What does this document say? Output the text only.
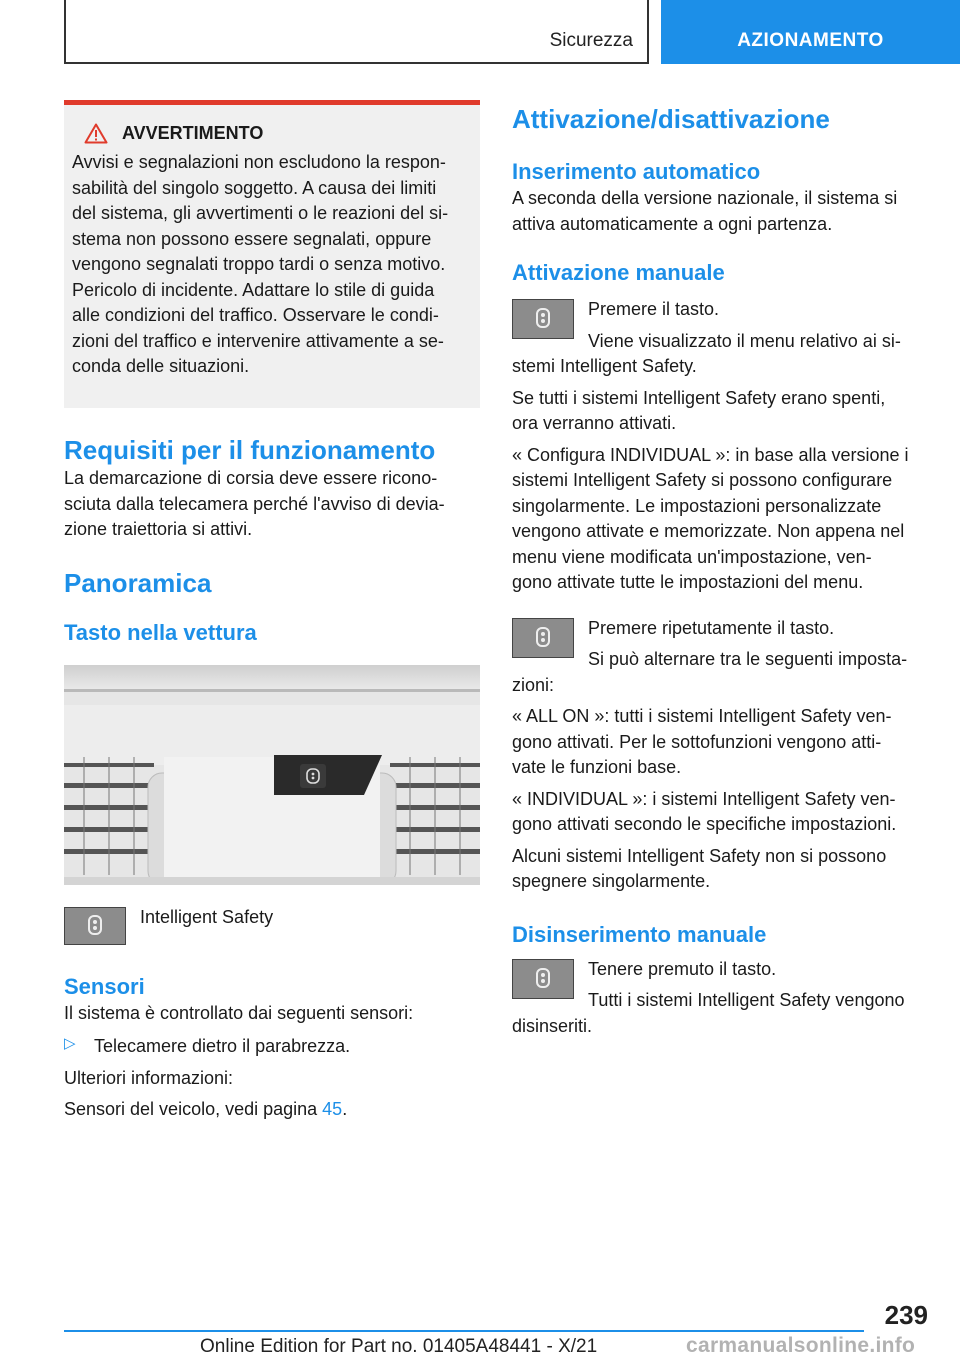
Sicurezza	AZIONAMENTO
AVVERTIMENTO

Avvisi e segnalazioni non escludono la respon-

sabilità del singolo soggetto. A causa dei limiti

del sistema, gli avvertimenti o le reazioni del si-

stema non possono essere segnalati, oppure

vengono segnalati troppo tardi o senza motivo.

Pericolo di incidente. Adattare lo stile di guida

alle condizioni del traffico. Osservare le condi-

zioni del traffico e intervenire attivamente a se-

conda delle situazioni.

Requisiti per il funzionamento

La demarcazione di corsia deve essere ricono-

sciuta dalla telecamera perché l'avviso di devia-

zione traiettoria si attivi.

Panoramica
Tasto nella vettura

Intelligent Safety

Sensori

Il sistema è controllato dai seguenti sensori:

▷	Telecamere dietro il parabrezza.

Ulteriori informazioni:

Sensori del veicolo, vedi pagina 45.

Attivazione/disattivazione
Inserimento automatico

A seconda della versione nazionale, il sistema si

attiva automaticamente a ogni partenza.

Attivazione manuale

Premere il tasto.

Viene visualizzato il menu relativo ai si-

stemi Intelligent Safety.

Se tutti i sistemi Intelligent Safety erano spenti,

ora verranno attivati.

« Configura INDIVIDUAL »: in base alla versione i

sistemi Intelligent Safety si possono configurare

singolarmente. Le impostazioni personalizzate

vengono attivate e memorizzate. Non appena nel

menu viene modificata un'impostazione, ven-

gono attivate tutte le impostazioni del menu.

Premere ripetutamente il tasto.

Si può alternare tra le seguenti imposta-

zioni:

« ALL ON »: tutti i sistemi Intelligent Safety ven-

gono attivati. Per le sottofunzioni vengono atti-

vate le funzioni base.

« INDIVIDUAL »: i sistemi Intelligent Safety ven-

gono attivati secondo le specifiche impostazioni.

Alcuni sistemi Intelligent Safety non si possono

spegnere singolarmente.

Disinserimento manuale

Tenere premuto il tasto.

Tutti i sistemi Intelligent Safety vengono

disinseriti.

239
Online Edition for Part no. 01405A48441 - X/21	carmanualsonline.info
